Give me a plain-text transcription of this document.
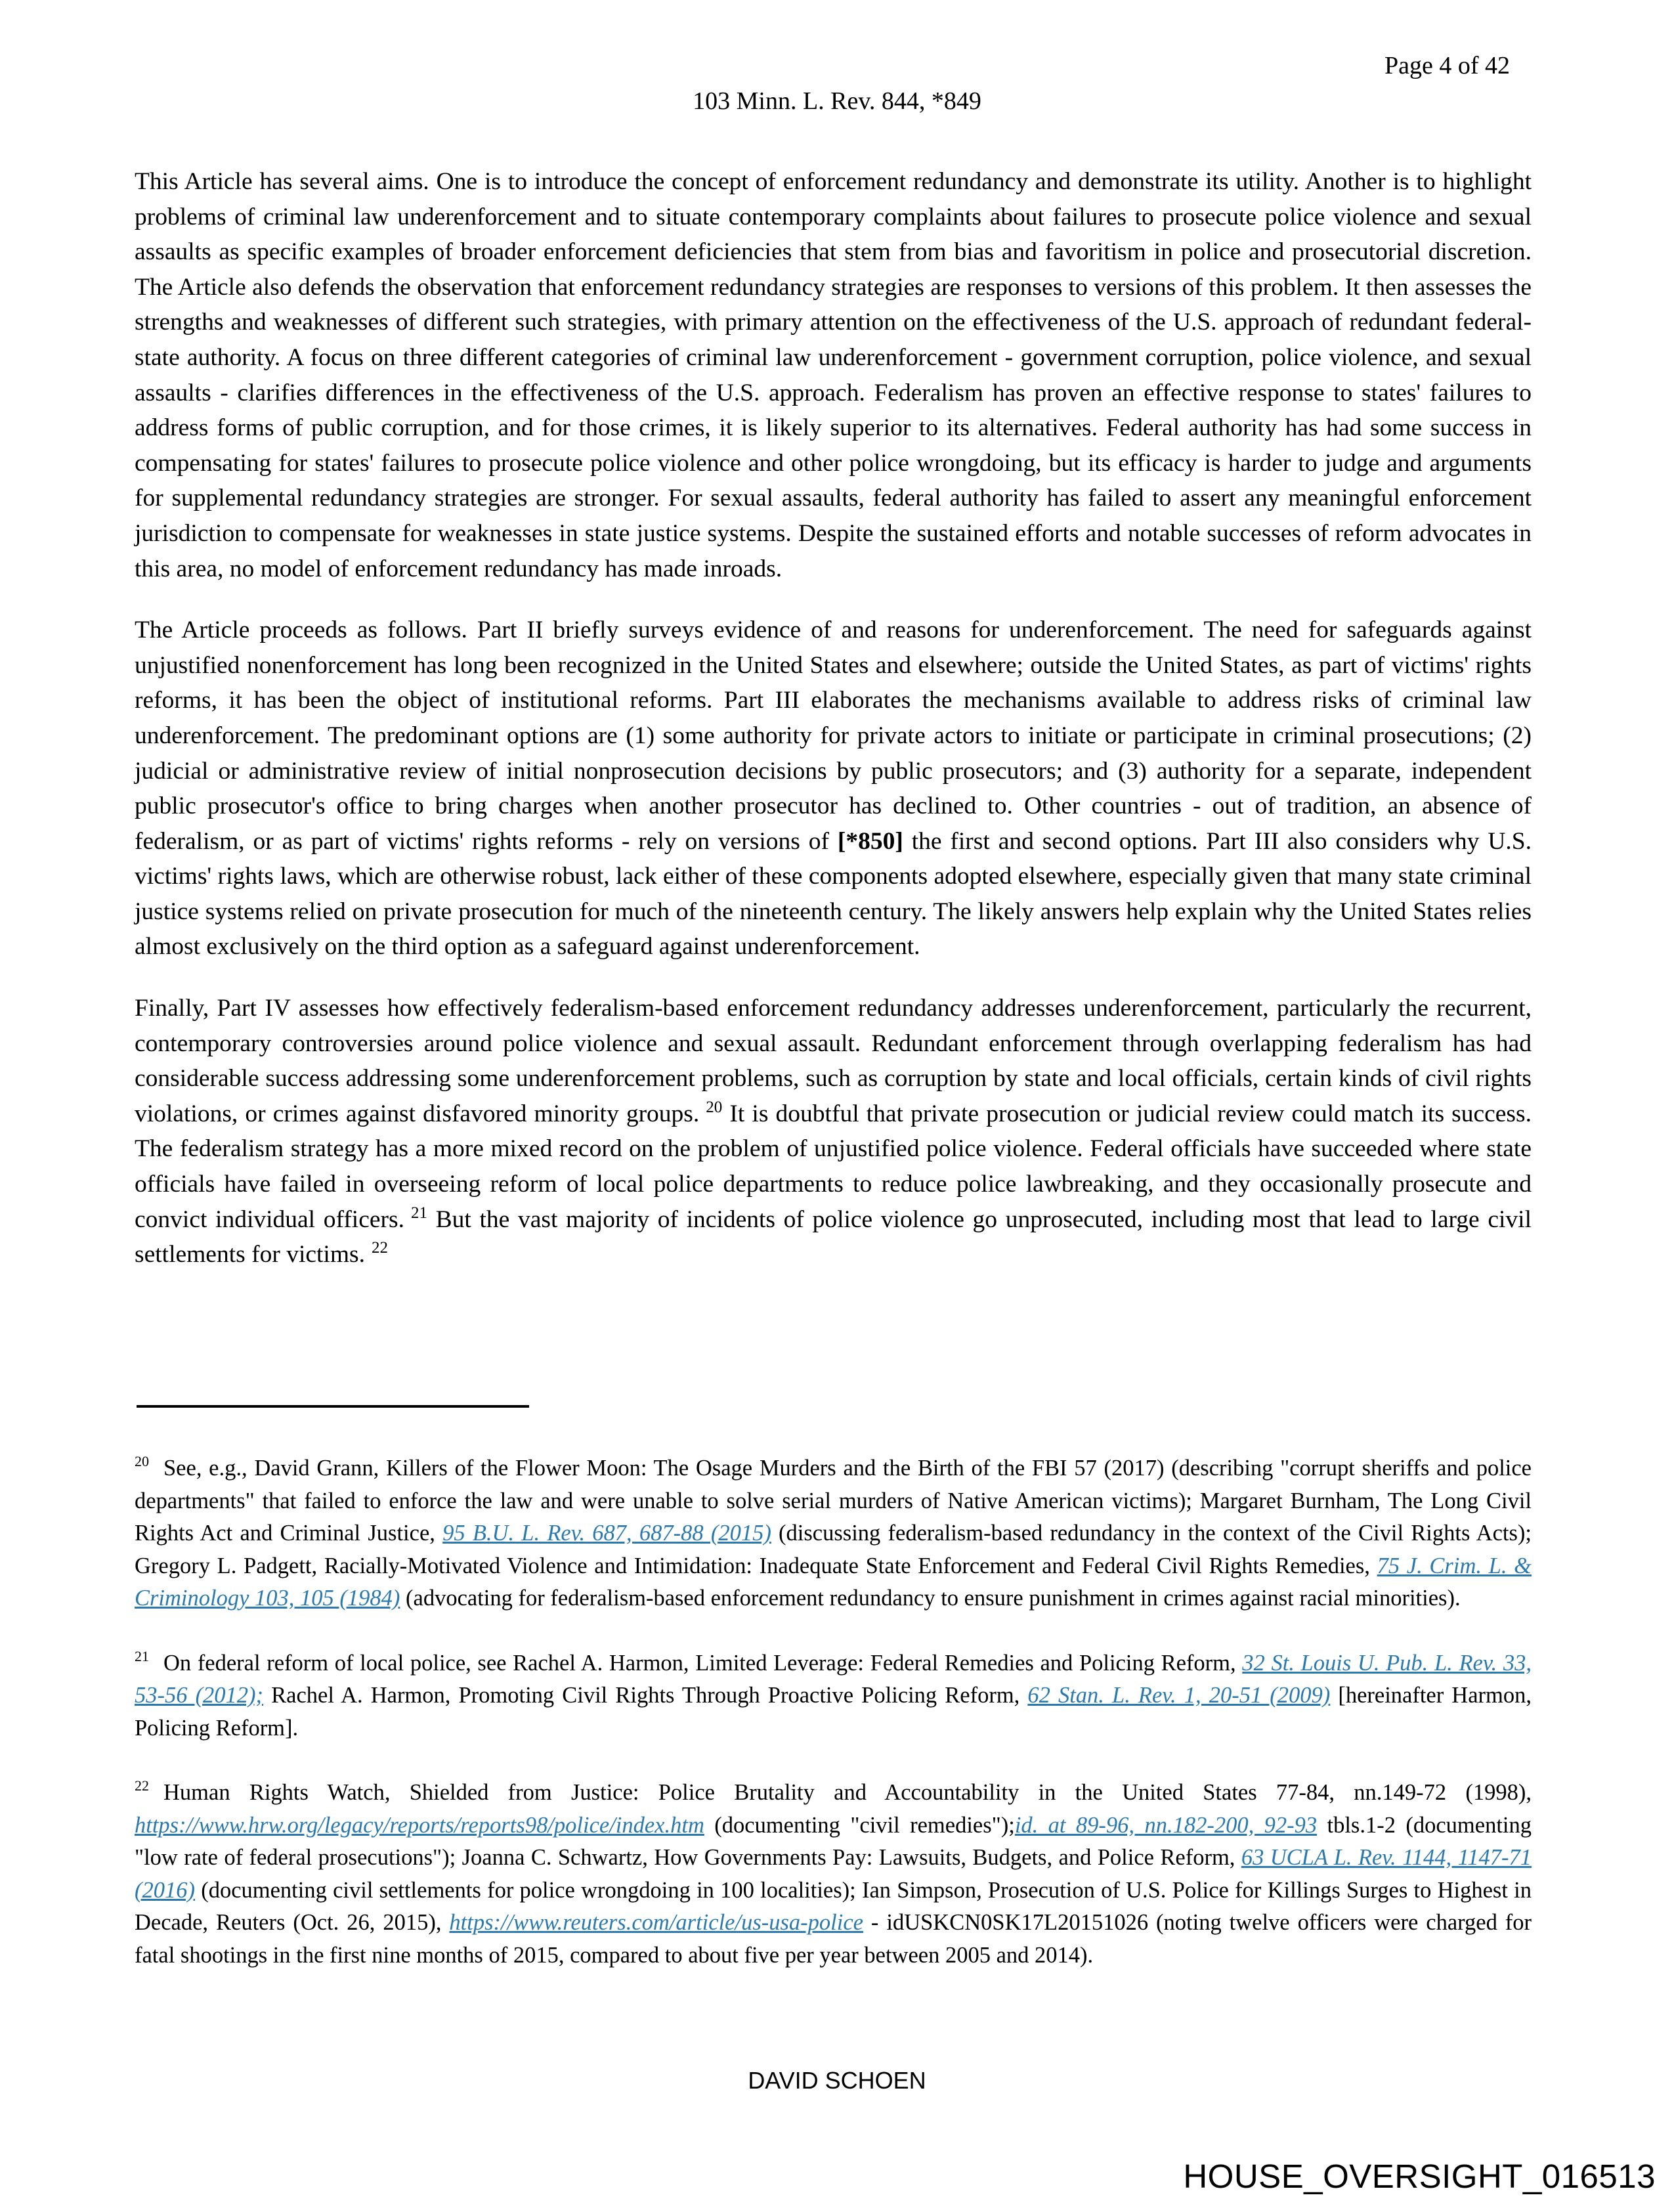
Page 4 of 42
103 Minn. L. Rev. 844, *849

This Article has several aims. One is to introduce the concept of enforcement redundancy and demonstrate its utility. Another is to highlight problems of criminal law underenforcement and to situate contemporary complaints about failures to prosecute police violence and sexual assaults as specific examples of broader enforcement deficiencies that stem from bias and favoritism in police and prosecutorial discretion. The Article also defends the observation that enforcement redundancy strategies are responses to versions of this problem. It then assesses the strengths and weaknesses of different such strategies, with primary attention on the effectiveness of the U.S. approach of redundant federal-state authority. A focus on three different categories of criminal law underenforcement - government corruption, police violence, and sexual assaults - clarifies differences in the effectiveness of the U.S. approach. Federalism has proven an effective response to states' failures to address forms of public corruption, and for those crimes, it is likely superior to its alternatives. Federal authority has had some success in compensating for states' failures to prosecute police violence and other police wrongdoing, but its efficacy is harder to judge and arguments for supplemental redundancy strategies are stronger. For sexual assaults, federal authority has failed to assert any meaningful enforcement jurisdiction to compensate for weaknesses in state justice systems. Despite the sustained efforts and notable successes of reform advocates in this area, no model of enforcement redundancy has made inroads.

The Article proceeds as follows. Part II briefly surveys evidence of and reasons for underenforcement. The need for safeguards against unjustified nonenforcement has long been recognized in the United States and elsewhere; outside the United States, as part of victims' rights reforms, it has been the object of institutional reforms. Part III elaborates the mechanisms available to address risks of criminal law underenforcement. The predominant options are (1) some authority for private actors to initiate or participate in criminal prosecutions; (2) judicial or administrative review of initial nonprosecution decisions by public prosecutors; and (3) authority for a separate, independent public prosecutor's office to bring charges when another prosecutor has declined to. Other countries - out of tradition, an absence of federalism, or as part of victims' rights reforms - rely on versions of [*850] the first and second options. Part III also considers why U.S. victims' rights laws, which are otherwise robust, lack either of these components adopted elsewhere, especially given that many state criminal justice systems relied on private prosecution for much of the nineteenth century. The likely answers help explain why the United States relies almost exclusively on the third option as a safeguard against underenforcement.

Finally, Part IV assesses how effectively federalism-based enforcement redundancy addresses underenforcement, particularly the recurrent, contemporary controversies around police violence and sexual assault. Redundant enforcement through overlapping federalism has had considerable success addressing some underenforcement problems, such as corruption by state and local officials, certain kinds of civil rights violations, or crimes against disfavored minority groups. $^{20}$ It is doubtful that private prosecution or judicial review could match its success. The federalism strategy has a more mixed record on the problem of unjustified police violence. Federal officials have succeeded where state officials have failed in overseeing reform of local police departments to reduce police lawbreaking, and they occasionally prosecute and convict individual officers. $^{21}$ But the vast majority of incidents of police violence go unprosecuted, including most that lead to large civil settlements for victims. $^{22}$

$^{20}$ See, e.g., David Grann, Killers of the Flower Moon: The Osage Murders and the Birth of the FBI 57 (2017) (describing "corrupt sheriffs and police departments" that failed to enforce the law and were unable to solve serial murders of Native American victims); Margaret Burnham, The Long Civil Rights Act and Criminal Justice, 95 B.U. L. Rev. 687, 687-88 (2015) (discussing federalism-based redundancy in the context of the Civil Rights Acts); Gregory L. Padgett, Racially-Motivated Violence and Intimidation: Inadequate State Enforcement and Federal Civil Rights Remedies, 75 J. Crim. L. & Criminology 103, 105 (1984) (advocating for federalism-based enforcement redundancy to ensure punishment in crimes against racial minorities).

$^{21}$ On federal reform of local police, see Rachel A. Harmon, Limited Leverage: Federal Remedies and Policing Reform, 32 St. Louis U. Pub. L. Rev. 33, 53-56 (2012); Rachel A. Harmon, Promoting Civil Rights Through Proactive Policing Reform, 62 Stan. L. Rev. 1, 20-51 (2009) [hereinafter Harmon, Policing Reform].

$^{22}$ Human Rights Watch, Shielded from Justice: Police Brutality and Accountability in the United States 77-84, nn.149-72 (1998), https://www.hrw.org/legacy/reports/reports98/police/index.htm (documenting "civil remedies");id. at 89-96, nn.182-200, 92-93 tbls.1-2 (documenting "low rate of federal prosecutions"); Joanna C. Schwartz, How Governments Pay: Lawsuits, Budgets, and Police Reform, 63 UCLA L. Rev. 1144, 1147-71 (2016) (documenting civil settlements for police wrongdoing in 100 localities); Ian Simpson, Prosecution of U.S. Police for Killings Surges to Highest in Decade, Reuters (Oct. 26, 2015), https://www.reuters.com/article/us-usa-police - idUSKCN0SK17L20151026 (noting twelve officers were charged for fatal shootings in the first nine months of 2015, compared to about five per year between 2005 and 2014).

DAVID SCHOEN
HOUSE_OVERSIGHT_016513
